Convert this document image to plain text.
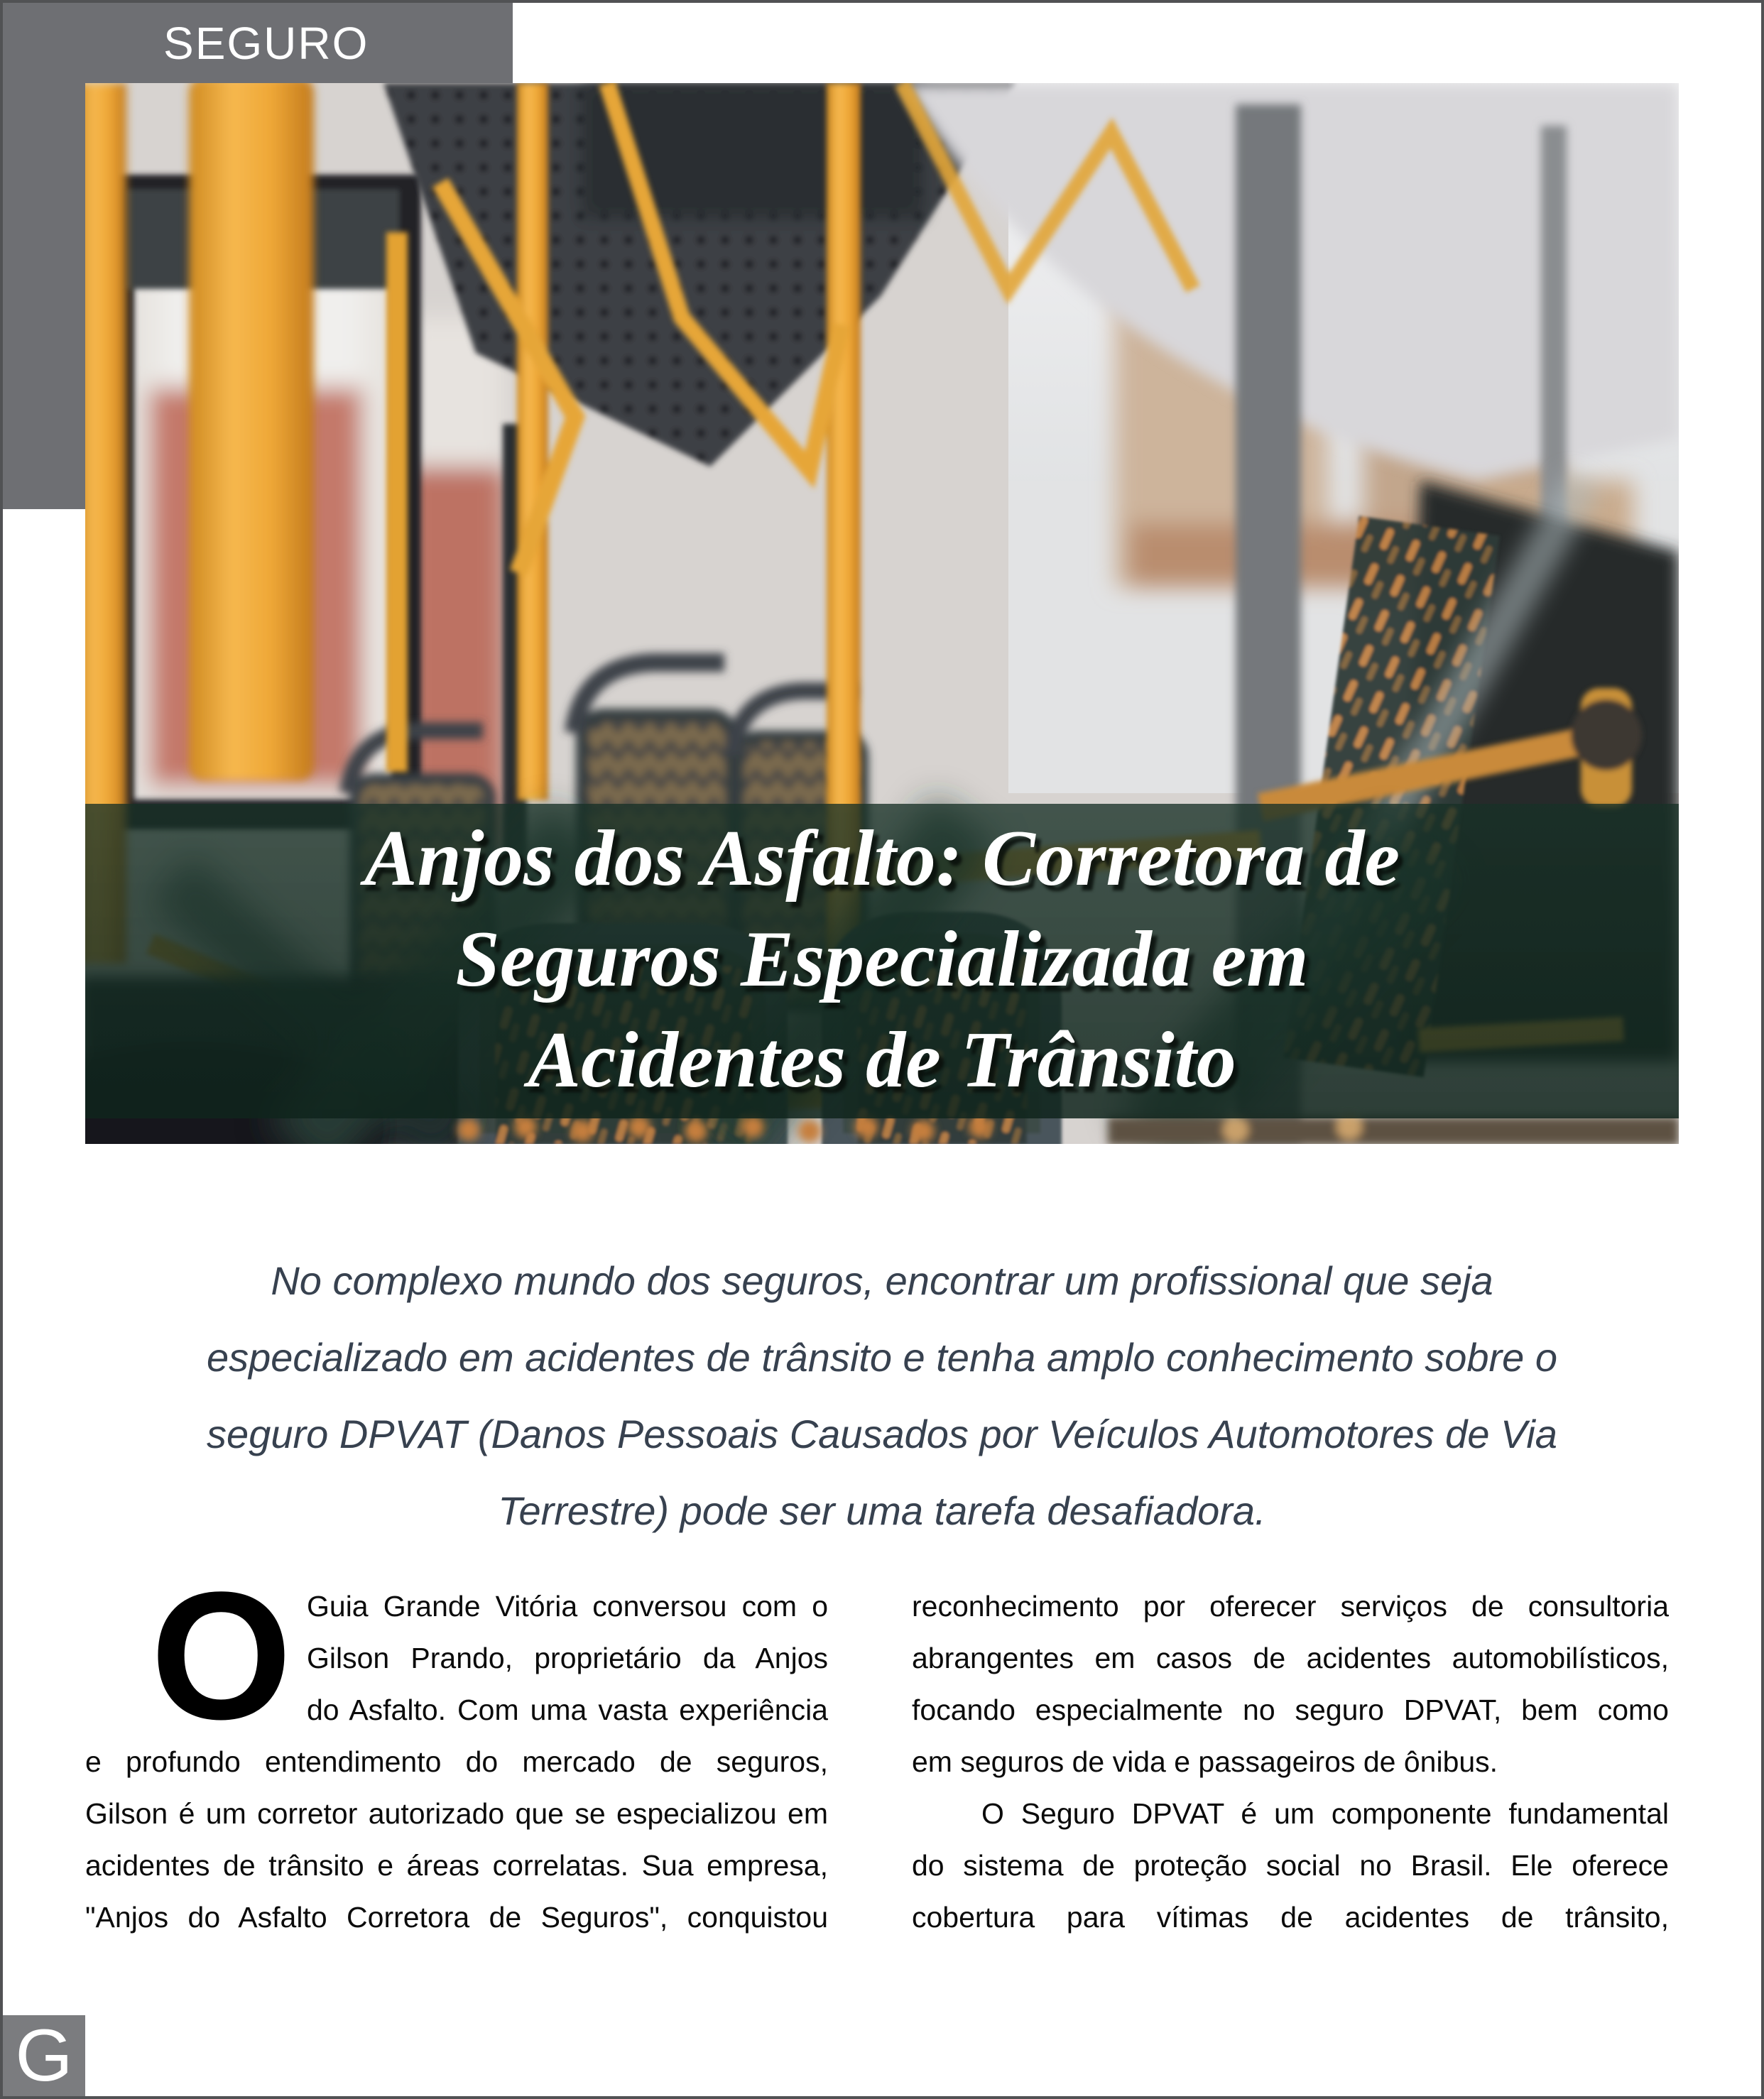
SEGURO
Anjos dos Asfalto: Corretora de
Seguros Especializada em
Acidentes de Trânsito
No complexo mundo dos seguros, encontrar um profissional que seja
especializado em acidentes de trânsito e tenha amplo conhecimento sobre o
seguro DPVAT (Danos Pessoais Causados por Veículos Automotores de Via
Terrestre) pode ser uma tarefa desafiadora.
O Guia Grande Vitória conversou com o
Gilson Prando, proprietário da Anjos
do Asfalto. Com uma vasta experiência
e profundo entendimento do mercado de seguros,
Gilson é um corretor autorizado que se especializou em
acidentes de trânsito e áreas correlatas. Sua empresa,
"Anjos do Asfalto Corretora de Seguros", conquistou
reconhecimento por oferecer serviços de consultoria
abrangentes em casos de acidentes automobilísticos,
focando especialmente no seguro DPVAT, bem como
em seguros de vida e passageiros de ônibus.
O Seguro DPVAT é um componente fundamental
do sistema de proteção social no Brasil. Ele oferece
cobertura para vítimas de acidentes de trânsito,
G
